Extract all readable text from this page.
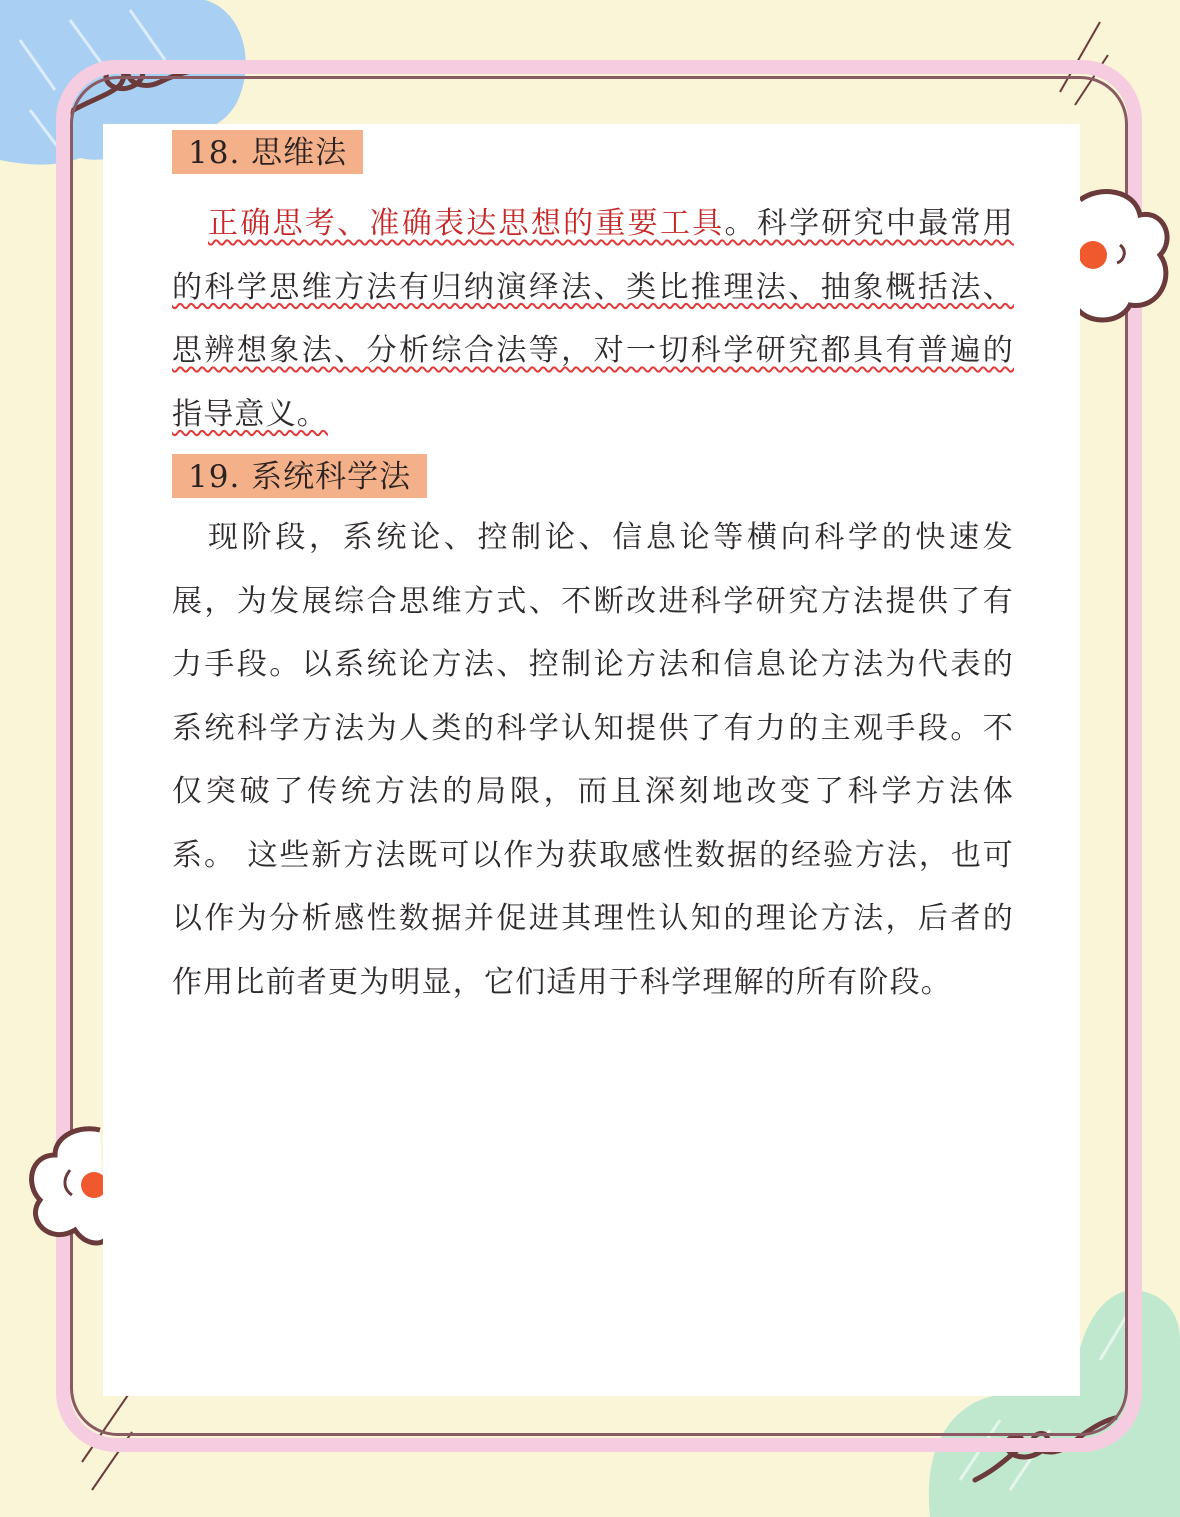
18. 思维法

正确思考、准确表达思想的重要工具。科学研究中最常用的科学思维方法有归纳演绎法、类比推理法、抽象概括法、思辨想象法、分析综合法等，对一切科学研究都具有普遍的指导意义。

19. 系统科学法

现阶段，系统论、控制论、信息论等横向科学的快速发展，为发展综合思维方式、不断改进科学研究方法提供了有力手段。以系统论方法、控制论方法和信息论方法为代表的系统科学方法为人类的科学认知提供了有力的主观手段。不仅突破了传统方法的局限，而且深刻地改变了科学方法体系。 这些新方法既可以作为获取感性数据的经验方法，也可以作为分析感性数据并促进其理性认知的理论方法，后者的作用比前者更为明显，它们适用于科学理解的所有阶段。
